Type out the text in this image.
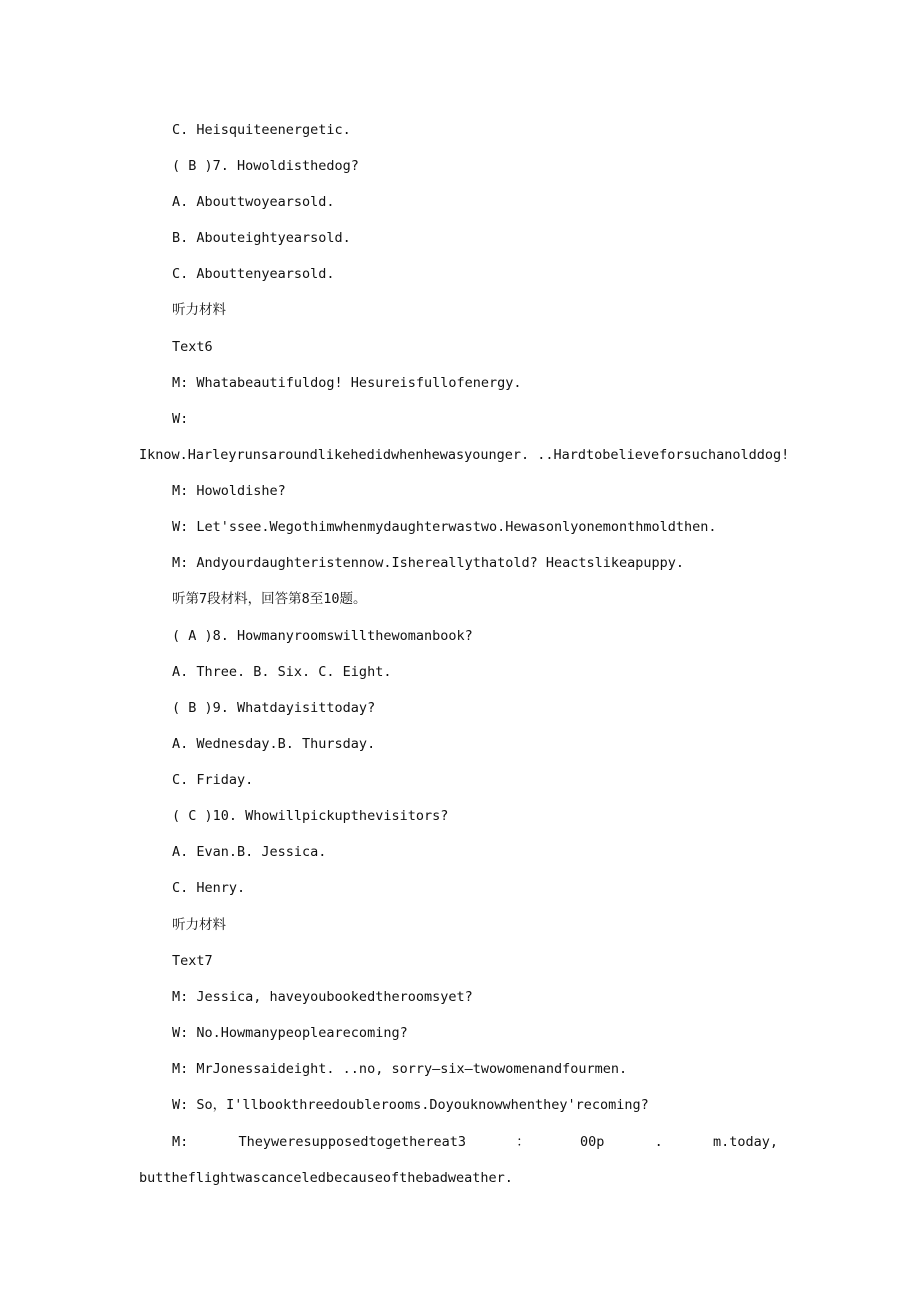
C. Heisquiteenergetic.
( B )7. Howoldisthedog?
A. Abouttwoyearsold.
B. Abouteightyearsold.
C. Abouttenyearsold.
听力材料
Text6
M: Whatabeautifuldog! Hesureisfullofenergy.
W:
Iknow.Harleyrunsaroundlikehedidwhenhewasyounger. ..Hardtobelieveforsuchanolddog!
M: Howoldishe?
W: Let'ssee.Wegothimwhenmydaughterwastwo.Hewasonlyonemonthmoldthen.
M: Andyourdaughteristennow.Ishereallythatold? Heactslikeapuppy.
听第7段材料，回答第8至10题。
( A )8. Howmanyroomswillthewomanbook?
A. Three. B. Six. C. Eight.
( B )9. Whatdayisittoday?
A. Wednesday.B. Thursday.
C. Friday.
( C )10. Whowillpickupthevisitors?
A. Evan.B. Jessica.
C. Henry.
听力材料
Text7
M: Jessica, haveyoubookedtheroomsyet?
W: No.Howmanypeoplearecoming?
M: MrJonessaideight. ..no, sorry—six—twowomenandfourmen.
W: So，I'llbookthreedoublerooms.Doyouknowwhenthey'recoming?
M:	Theyweresupposedtogethereat3	：	00p	.	m.today,
buttheflightwascanceledbecauseofthebadweather.
